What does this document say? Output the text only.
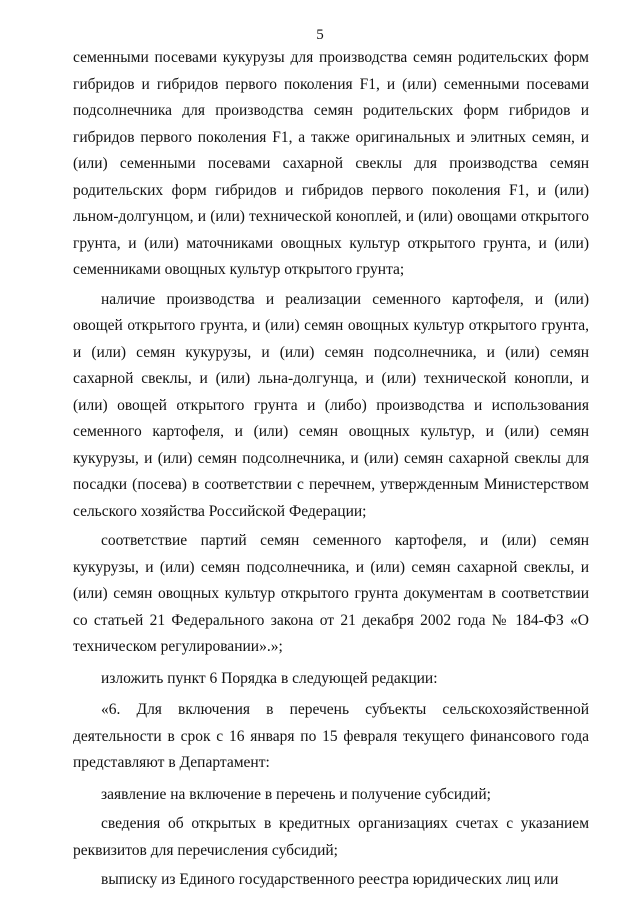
5

семенными посевами кукурузы для производства семян родительских форм гибридов и гибридов первого поколения F1, и (или) семенными посевами подсолнечника для производства семян родительских форм гибридов и гибридов первого поколения F1, а также оригинальных и элитных семян, и (или) семенными посевами сахарной свеклы для производства семян родительских форм гибридов и гибридов первого поколения F1, и (или) льном-долгунцом, и (или) технической коноплей, и (или) овощами открытого грунта, и (или) маточниками овощных культур открытого грунта, и (или) семенниками овощных культур открытого грунта;

наличие производства и реализации семенного картофеля, и (или) овощей открытого грунта, и (или) семян овощных культур открытого грунта, и (или) семян кукурузы, и (или) семян подсолнечника, и (или) семян сахарной свеклы, и (или) льна-долгунца, и (или) технической конопли, и (или) овощей открытого грунта и (либо) производства и использования семенного картофеля, и (или) семян овощных культур, и (или) семян кукурузы, и (или) семян подсолнечника, и (или) семян сахарной свеклы для посадки (посева) в соответствии с перечнем, утвержденным Министерством сельского хозяйства Российской Федерации;

соответствие партий семян семенного картофеля, и (или) семян кукурузы, и (или) семян подсолнечника, и (или) семян сахарной свеклы, и (или) семян овощных культур открытого грунта документам в соответствии со статьей 21 Федерального закона от 21 декабря 2002 года № 184-ФЗ «О техническом регулировании».»;

изложить пункт 6 Порядка в следующей редакции:

«6. Для включения в перечень субъекты сельскохозяйственной деятельности в срок с 16 января по 15 февраля текущего финансового года представляют в Департамент:

заявление на включение в перечень и получение субсидий;

сведения об открытых в кредитных организациях счетах с указанием реквизитов для перечисления субсидий;

выписку из Единого государственного реестра юридических лиц или
